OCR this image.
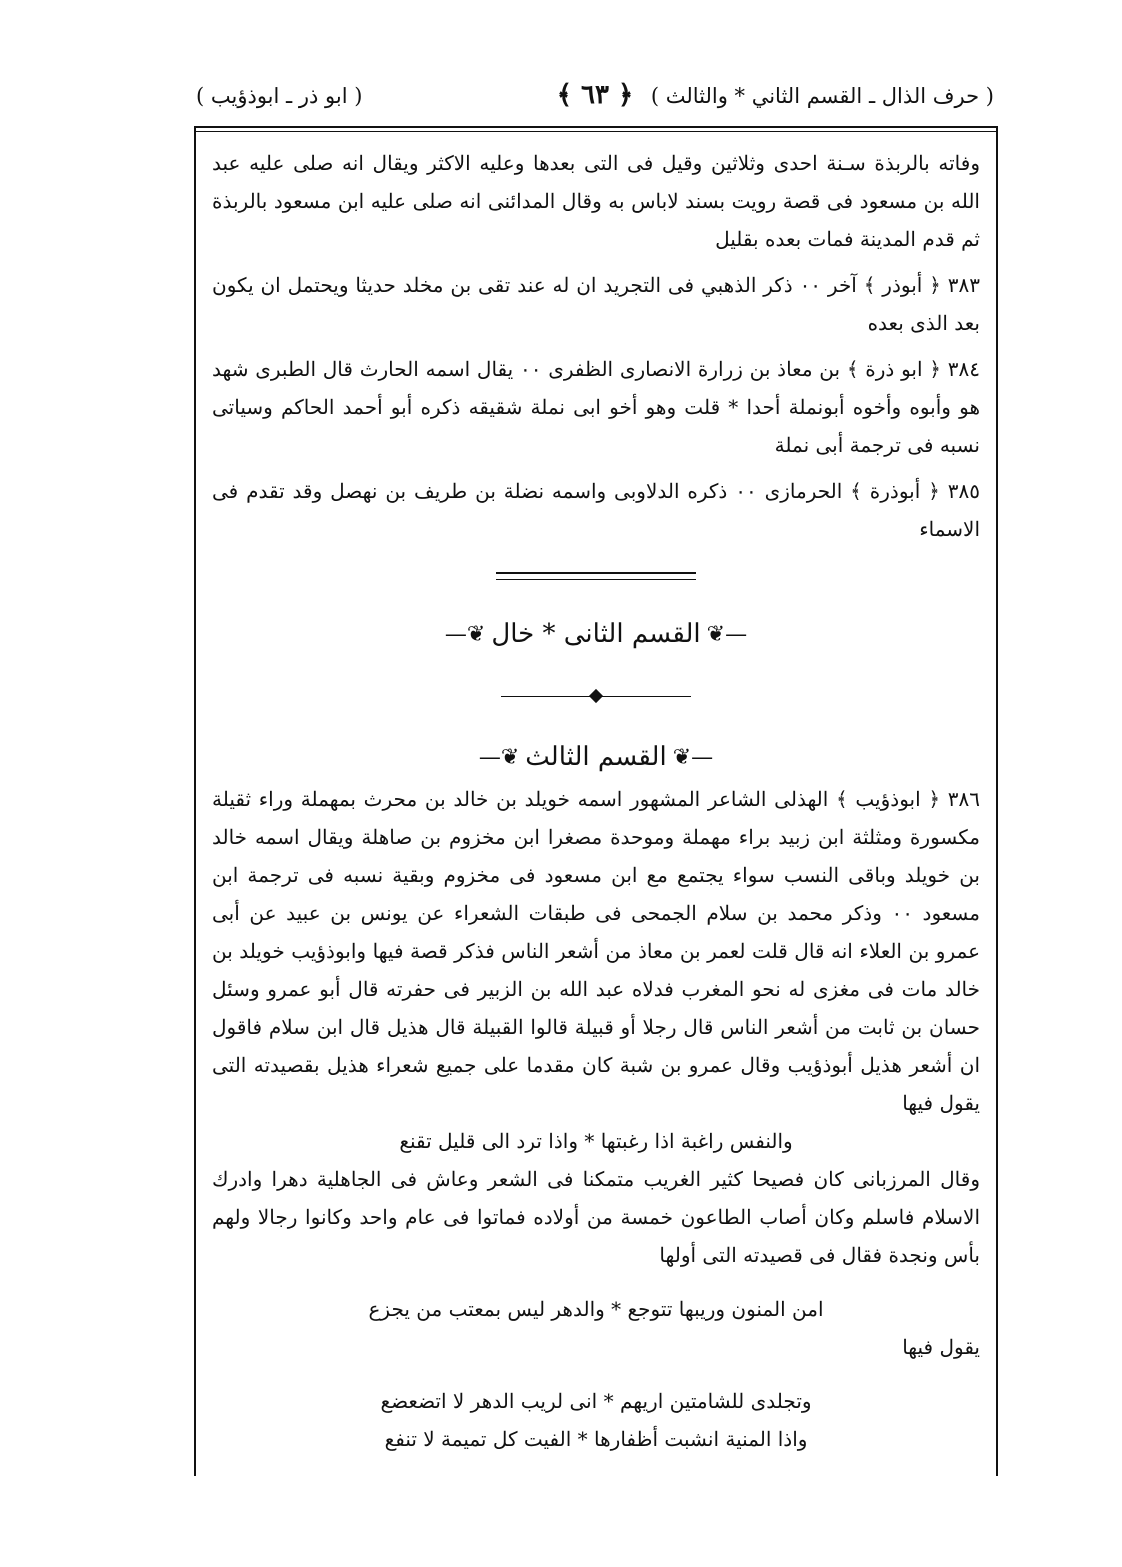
( حرف الذال ـ القسم الثاني * والثالث )
﴿ ٦٣ ﴾
( ابو ذر ـ ابوذؤيب )

وفاته بالربذة سـنة احدى وثلاثين وقيل فى التى بعدها وعليه الاكثر ويقال انه صلى عليه عبد الله بن مسعود فى قصة رويت بسند لاباس به وقال المدائنى انه صلى عليه ابن مسعود بالربذة ثم قدم المدينة فمات بعده بقليل

٣٨٣ ﴿ أبوذر ﴾ آخر ٠٠ ذكر الذهبي فى التجريد ان له عند تقى بن مخلد حديثا ويحتمل ان يكون بعد الذى بعده

٣٨٤ ﴿ ابو ذرة ﴾ بن معاذ بن زرارة الانصارى الظفرى ٠٠ يقال اسمه الحارث قال الطبرى شهد هو وأبوه وأخوه أبونملة أحدا * قلت وهو أخو ابى نملة شقيقه ذكره أبو أحمد الحاكم وسياتى نسبه فى ترجمة أبى نملة

٣٨٥ ﴿ أبوذرة ﴾ الحرمازى ٠٠ ذكره الدلاوبى واسمه نضلة بن طريف بن نهصل وقد تقدم فى الاسماء

—❦القسم الثانى * خال❦—
—❦القسم الثالث❦—

٣٨٦ ﴿ ابوذؤيب ﴾ الهذلى الشاعر المشهور اسمه خويلد بن خالد بن محرث بمهملة وراء ثقيلة مكسورة ومثلثة ابن زبيد براء مهملة وموحدة مصغرا ابن مخزوم بن صاهلة ويقال اسمه خالد بن خويلد وباقى النسب سواء يجتمع مع ابن مسعود فى مخزوم وبقية نسبه فى ترجمة ابن مسعود ٠٠ وذكر محمد بن سلام الجمحى فى طبقات الشعراء عن يونس بن عبيد عن أبى عمرو بن العلاء انه قال قلت لعمر بن معاذ من أشعر الناس فذكر قصة فيها وابوذؤيب خويلد بن خالد مات فى مغزى له نحو المغرب فدلاه عبد الله بن الزبير فى حفرته قال أبو عمرو وسئل حسان بن ثابت من أشعر الناس قال رجلا أو قبيلة قالوا القبيلة قال هذيل قال ابن سلام فاقول ان أشعر هذيل أبوذؤيب وقال عمرو بن شبة كان مقدما على جميع شعراء هذيل بقصيدته التى يقول فيها

والنفس راغبة اذا رغبتها * واذا ترد الى قليل تقنع

وقال المرزبانى كان فصيحا كثير الغريب متمكنا فى الشعر وعاش فى الجاهلية دهرا وادرك الاسلام فاسلم وكان أصاب الطاعون خمسة من أولاده فماتوا فى عام واحد وكانوا رجالا ولهم بأس ونجدة فقال فى قصيدته التى أولها

امن المنون وريبها تتوجع * والدهر ليس بمعتب من يجزع

يقول فيها

وتجلدى للشامتين اريهم * انى لريب الدهر لا اتضعضع

واذا المنية انشبت أظفارها * الفيت كل تميمة لا تنفع
